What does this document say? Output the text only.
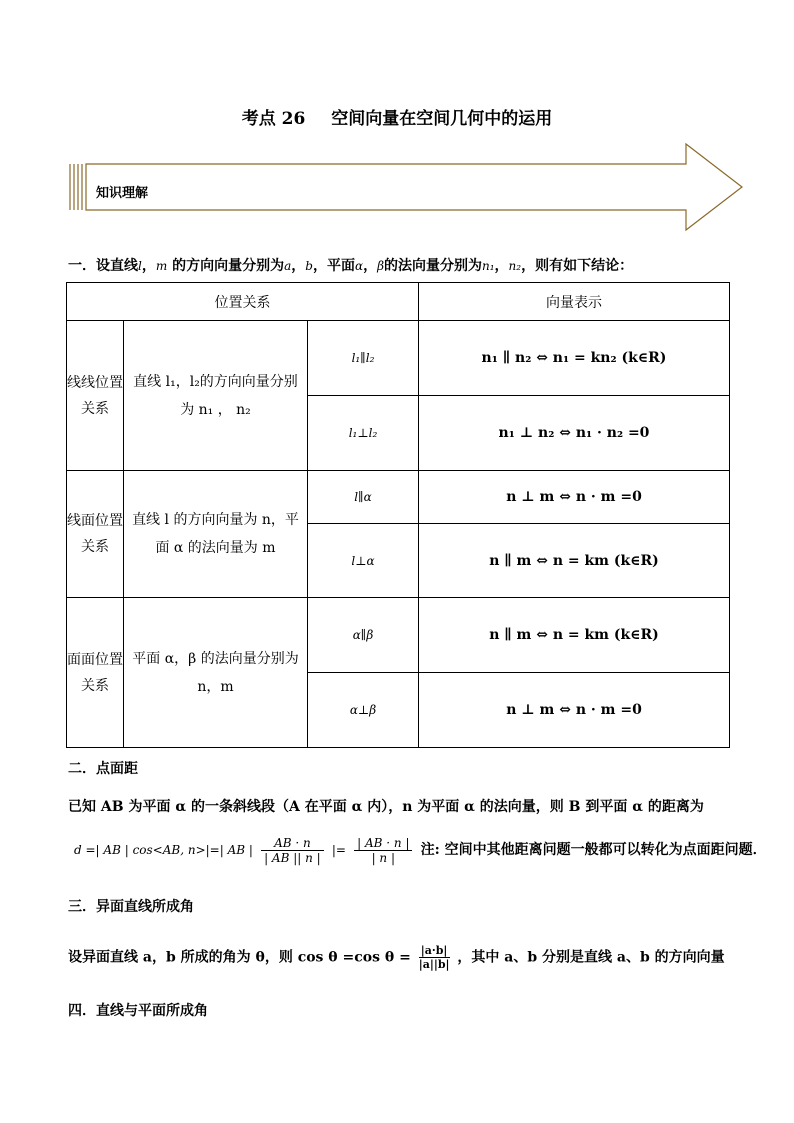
考点 26 空间向量在空间几何中的运用
知识理解
一．设直线l，m 的方向向量分别为a，b，平面α，β的法向量分别为n₁，n₂，则有如下结论：
位置关系			向量表示
线线位置关系	直线 l₁，l₂的方向向量分别为 n₁ ， n₂	l₁∥l₂	n₁ ∥ n₂ ⇔ n₁ = kn₂ (k∈R)
		l₁⊥l₂	n₁ ⊥ n₂ ⇔ n₁ · n₂ =0
线面位置关系	直线 l 的方向向量为 n，平面 α 的法向量为 m	l∥α	n ⊥ m ⇔ n · m =0
		l⊥α	n ∥ m ⇔ n = km (k∈R)
面面位置关系	平面 α，β 的法向量分别为 n，m	α∥β	n ∥ m ⇔ n = km (k∈R)
		α⊥β	n ⊥ m ⇔ n · m =0
二．点面距
已知 AB 为平面 α 的一条斜线段（A 在平面 α 内），n 为平面 α 的法向量，则 B 到平面 α 的距离为
d =| AB | cos<AB, n>|=| AB | $\frac{AB \cdot n}{| AB || n |}$ |= $\frac{| AB \cdot n |}{| n |}$ 注: 空间中其他距离问题一般都可以转化为点面距问题．
三．异面直线所成角
设异面直线 a，b 所成的角为 θ，则 cos θ =cos $\theta = \frac{|a\cdot b|}{|a||b|}$ ，其中 a、b 分别是直线 a、b 的方向向量
四．直线与平面所成角
